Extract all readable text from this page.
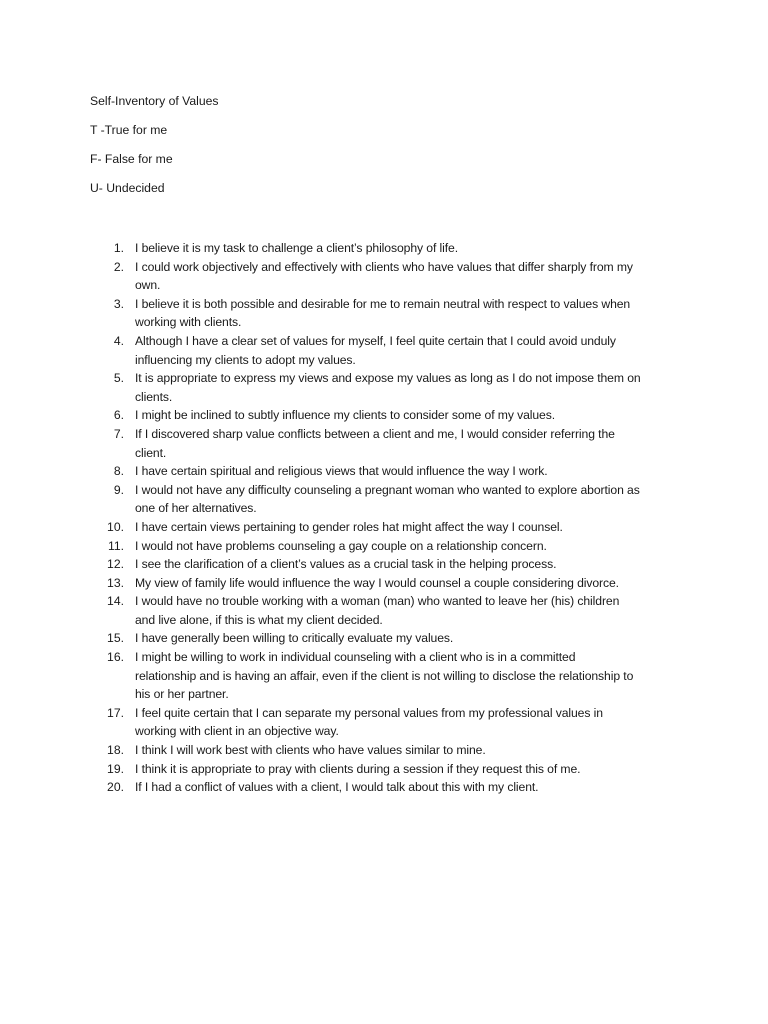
Self-Inventory of Values
T -True for me
F- False for me
U- Undecided
1. I believe it is my task to challenge a client’s philosophy of life.
2. I could work objectively and effectively with clients who have values that differ sharply from my
own.
3. I believe it is both possible and desirable for me to remain neutral with respect to values when
working with clients.
4. Although I have a clear set of values for myself, I feel quite certain that I could avoid unduly
influencing my clients to adopt my values.
5. It is appropriate to express my views and expose my values as long as I do not impose them on
clients.
6. I might be inclined to subtly influence my clients to consider some of my values.
7. If I discovered sharp value conflicts between a client and me, I would consider referring the
client.
8. I have certain spiritual and religious views that would influence the way I work.
9. I would not have any difficulty counseling a pregnant woman who wanted to explore abortion as
one of her alternatives.
10. I have certain views pertaining to gender roles hat might affect the way I counsel.
11. I would not have problems counseling a gay couple on a relationship concern.
12. I see the clarification of a client’s values as a crucial task in the helping process.
13. My view of family life would influence the way I would counsel a couple considering divorce.
14. I would have no trouble working with a woman (man) who wanted to leave her (his) children
and live alone, if this is what my client decided.
15. I have generally been willing to critically evaluate my values.
16. I might be willing to work in individual counseling with a client who is in a committed
relationship and is having an affair, even if the client is not willing to disclose the relationship to
his or her partner.
17. I feel quite certain that I can separate my personal values from my professional values in
working with client in an objective way.
18. I think I will work best with clients who have values similar to mine.
19. I think it is appropriate to pray with clients during a session if they request this of me.
20. If I had a conflict of values with a client, I would talk about this with my client.
